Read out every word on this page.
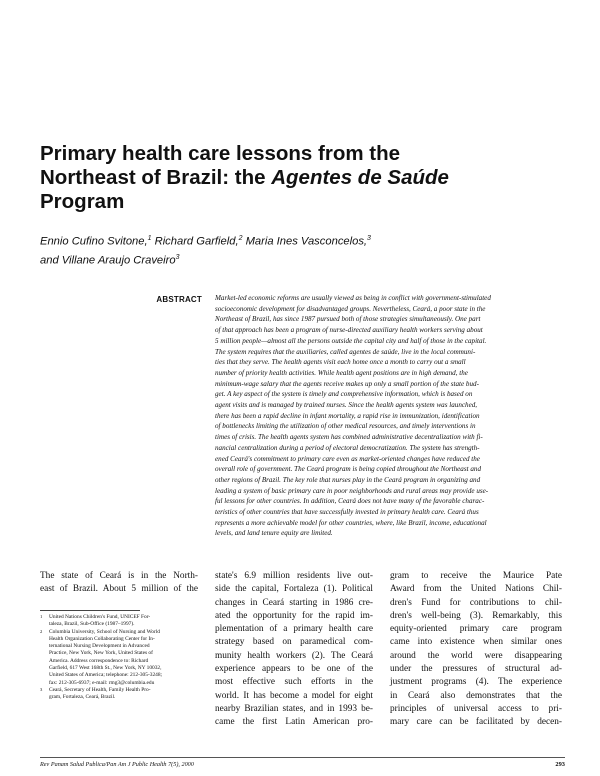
Primary health care lessons from the
Northeast of Brazil: the Agentes de Saúde
Program
Ennio Cufino Svitone,$^1$ Richard Garfield,$^2$ Maria Ines Vasconcelos,$^3$
and Villane Araujo Craveiro$^3$
ABSTRACT Market-led economic reforms are usually viewed as being in conflict with government-stimulated
socioeconomic development for disadvantaged groups. Nevertheless, Ceará, a poor state in the
Northeast of Brazil, has since 1987 pursued both of those strategies simultaneously. One part
of that approach has been a program of nurse-directed auxiliary health workers serving about
5 million people—almost all the persons outside the capital city and half of those in the capital.
The system requires that the auxiliaries, called agentes de saúde, live in the local communi-
ties that they serve. The health agents visit each home once a month to carry out a small
number of priority health activities. While health agent positions are in high demand, the
minimum-wage salary that the agents receive makes up only a small portion of the state bud-
get. A key aspect of the system is timely and comprehensive information, which is based on
agent visits and is managed by trained nurses. Since the health agents system was launched,
there has been a rapid decline in infant mortality, a rapid rise in immunization, identification
of bottlenecks limiting the utilization of other medical resources, and timely interventions in
times of crisis. The health agents system has combined administrative decentralization with fi-
nancial centralization during a period of electoral democratization. The system has strength-
ened Ceará's commitment to primary care even as market-oriented changes have reduced the
overall role of government. The Ceará program is being copied throughout the Northeast and
other regions of Brazil. The key role that nurses play in the Ceará program in organizing and
leading a system of basic primary care in poor neighborhoods and rural areas may provide use-
ful lessons for other countries. In addition, Ceará does not have many of the favorable charac-
teristics of other countries that have successfully invested in primary health care. Ceará thus
represents a more achievable model for other countries, where, like Brazil, income, educational
levels, and land tenure equity are limited.
The state of Ceará is in the North-
east of Brazil. About 5 million of the
1 United Nations Children's Fund, UNICEF For-
taleza, Brazil, Sub-Office (1987–1997).
2 Columbia University, School of Nursing and World
Health Organization Collaborating Center for In-
ternational Nursing Development in Advanced
Practice, New York, New York, United States of
America. Address correspondence to: Richard
Garfield, 617 West 168th St., New York, NY 10032,
United States of America; telephone: 212-305-3248;
fax: 212-305-6937; e-mail: rmg3@columbia.edu
3 Ceará, Secretary of Health, Family Health Pro-
gram, Fortaleza, Ceará, Brazil.
state's 6.9 million residents live out-
side the capital, Fortaleza (1). Political
changes in Ceará starting in 1986 cre-
ated the opportunity for the rapid im-
plementation of a primary health care
strategy based on paramedical com-
munity health workers (2). The Ceará
experience appears to be one of the
most effective such efforts in the
world. It has become a model for eight
nearby Brazilian states, and in 1993 be-
came the first Latin American pro-
gram to receive the Maurice Pate
Award from the United Nations Chil-
dren's Fund for contributions to chil-
dren's well-being (3). Remarkably, this
equity-oriented primary care program
came into existence when similar ones
around the world were disappearing
under the pressures of structural ad-
justment programs (4). The experience
in Ceará also demonstrates that the
principles of universal access to pri-
mary care can be facilitated by decen-
Rev Panam Salud Publica/Pan Am J Public Health 7(5), 2000	293
